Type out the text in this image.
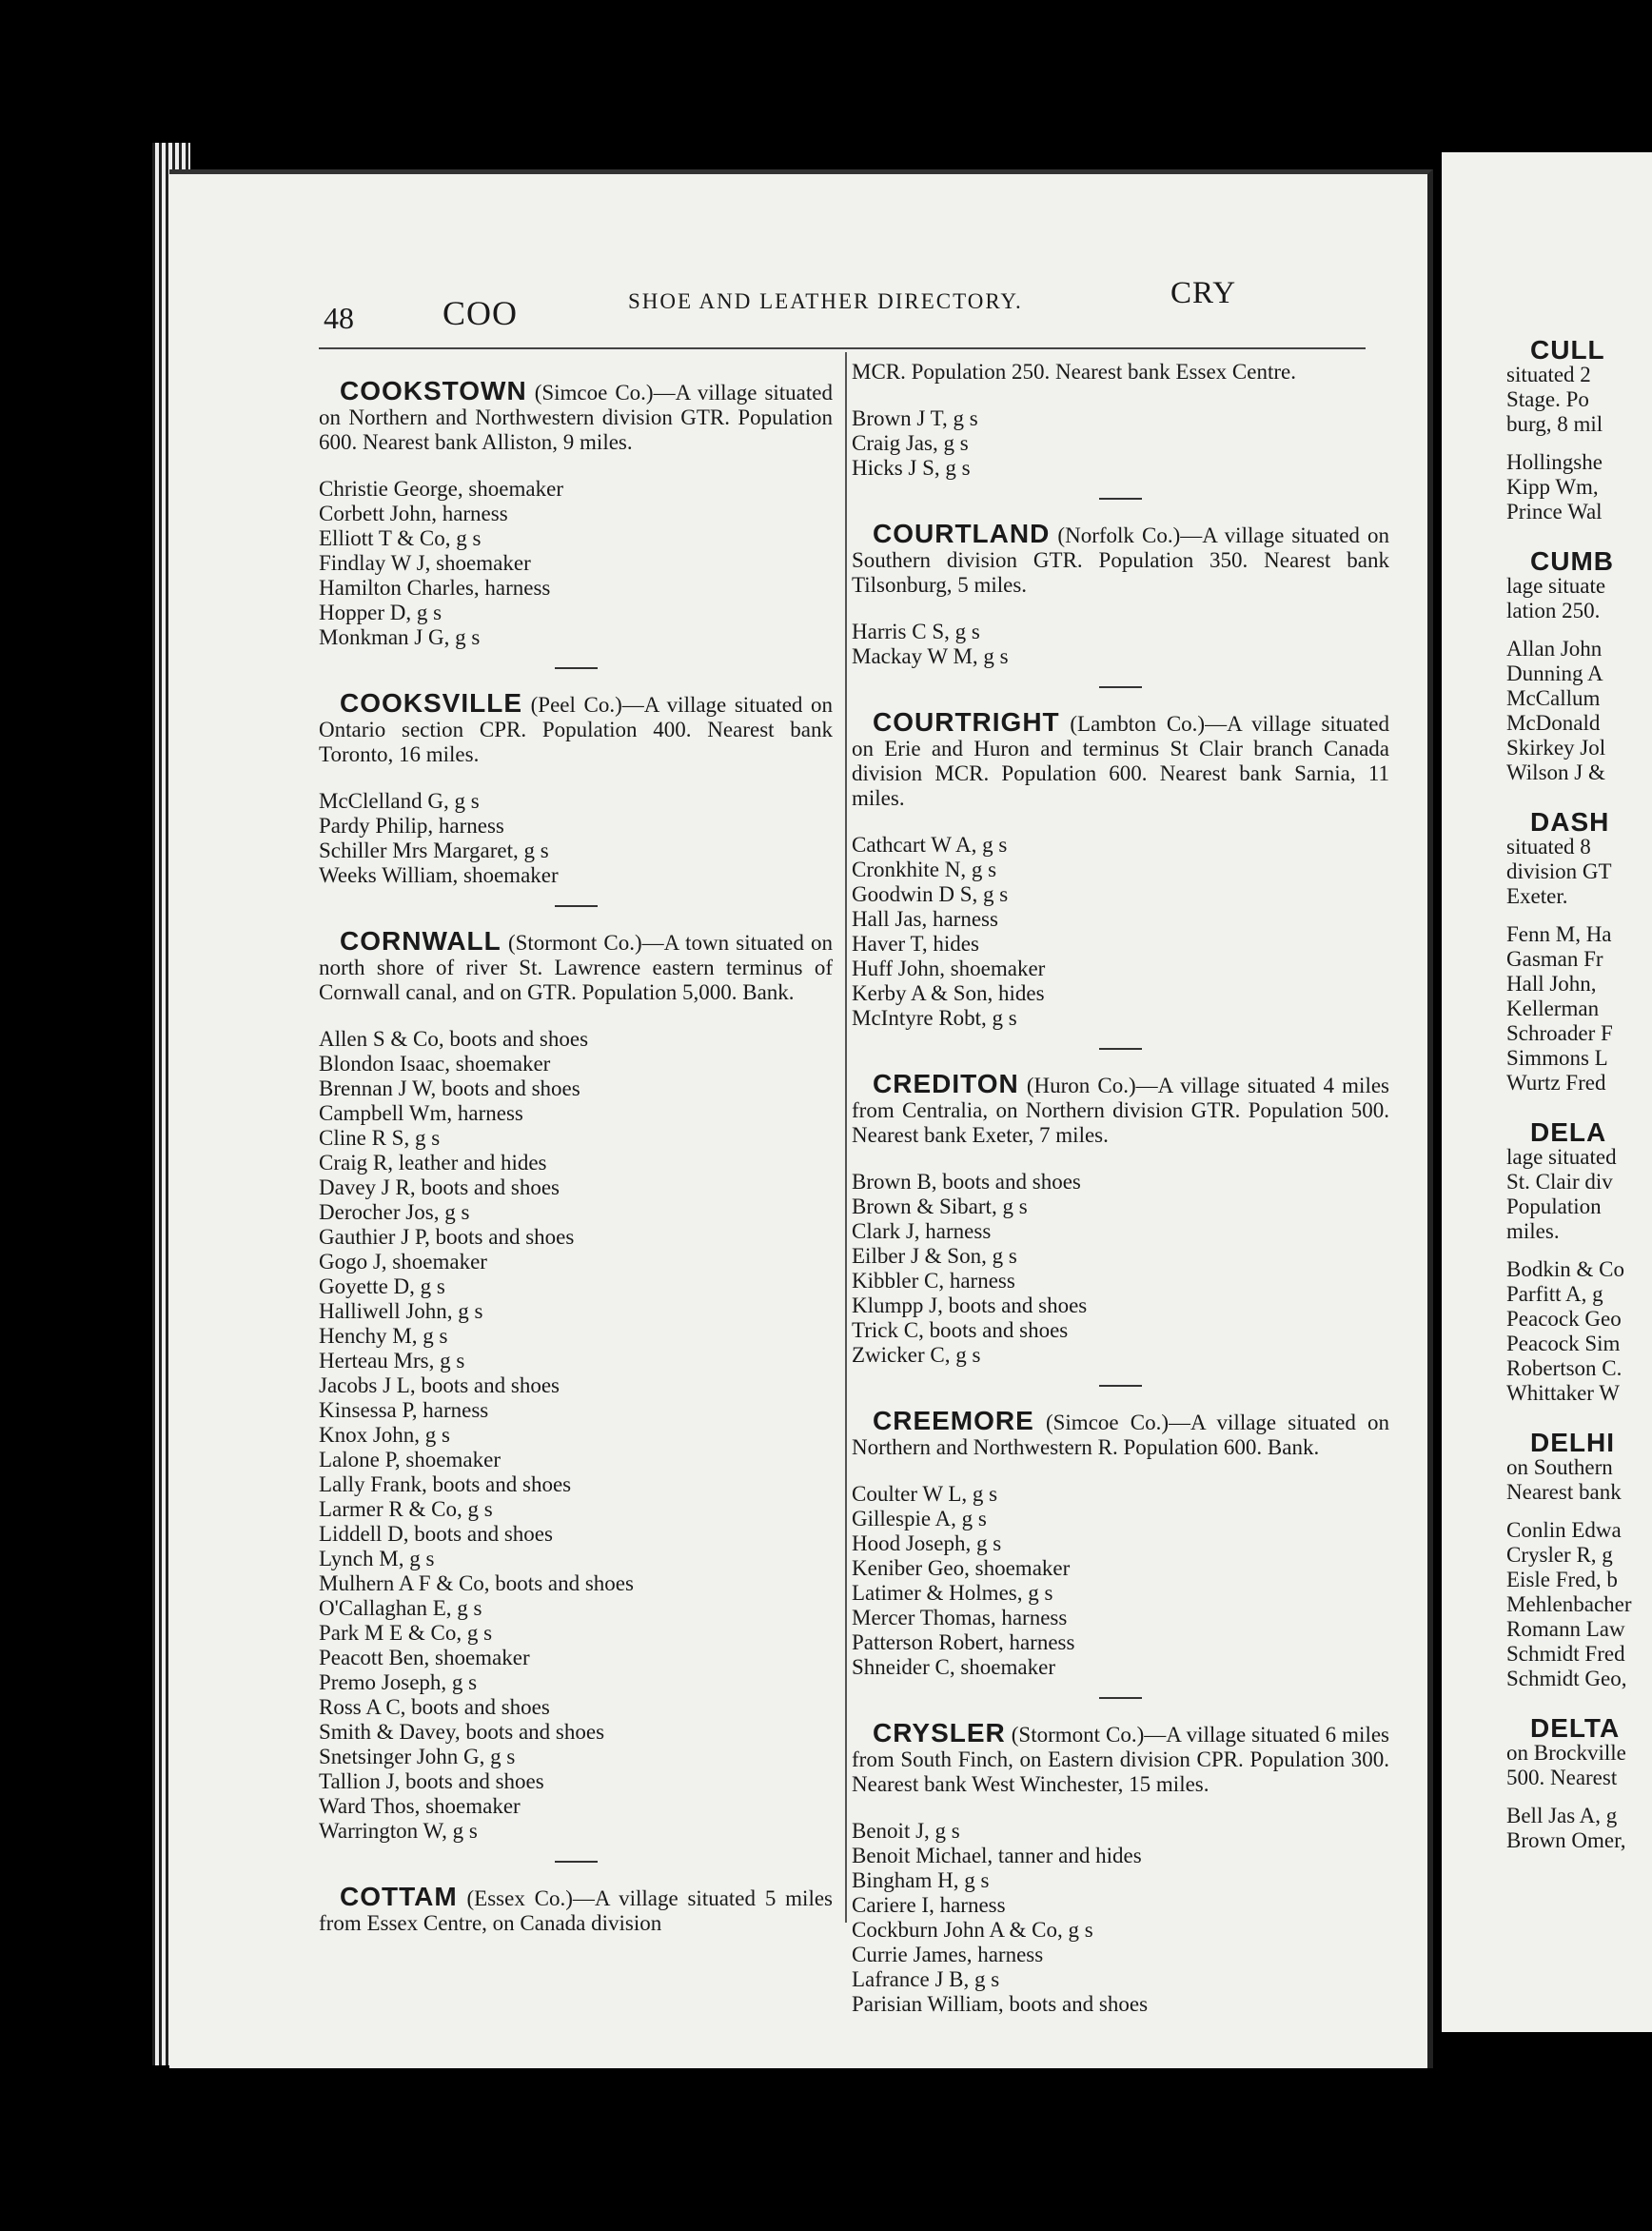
48	COO	SHOE AND LEATHER DIRECTORY.	CRY

COOKSTOWN (Simcoe Co.)—A village situated on Northern and Northwestern division GTR. Population 600. Nearest bank Alliston, 9 miles.

Christie George, shoemaker
Corbett John, harness
Elliott T & Co, g s
Findlay W J, shoemaker
Hamilton Charles, harness
Hopper D, g s
Monkman J G, g s

COOKSVILLE (Peel Co.)—A village situated on Ontario section CPR. Population 400. Nearest bank Toronto, 16 miles.

McClelland G, g s
Pardy Philip, harness
Schiller Mrs Margaret, g s
Weeks William, shoemaker

CORNWALL (Stormont Co.)—A town situated on north shore of river St. Lawrence eastern terminus of Cornwall canal, and on GTR. Population 5,000. Bank.

Allen S & Co, boots and shoes
Blondon Isaac, shoemaker
Brennan J W, boots and shoes
Campbell Wm, harness
Cline R S, g s
Craig R, leather and hides
Davey J R, boots and shoes
Derocher Jos, g s
Gauthier J P, boots and shoes
Gogo J, shoemaker
Goyette D, g s
Halliwell John, g s
Henchy M, g s
Herteau Mrs, g s
Jacobs J L, boots and shoes
Kinsessa P, harness
Knox John, g s
Lalone P, shoemaker
Lally Frank, boots and shoes
Larmer R & Co, g s
Liddell D, boots and shoes
Lynch M, g s
Mulhern A F & Co, boots and shoes
O'Callaghan E, g s
Park M E & Co, g s
Peacott Ben, shoemaker
Premo Joseph, g s
Ross A C, boots and shoes
Smith & Davey, boots and shoes
Snetsinger John G, g s
Tallion J, boots and shoes
Ward Thos, shoemaker
Warrington W, g s

COTTAM (Essex Co.)—A village situated 5 miles from Essex Centre, on Canada division

MCR. Population 250. Nearest bank Essex Centre.

Brown J T, g s
Craig Jas, g s
Hicks J S, g s

COURTLAND (Norfolk Co.)—A village situated on Southern division GTR. Population 350. Nearest bank Tilsonburg, 5 miles.

Harris C S, g s
Mackay W M, g s

COURTRIGHT (Lambton Co.)—A village situated on Erie and Huron and terminus St Clair branch Canada division MCR. Population 600. Nearest bank Sarnia, 11 miles.

Cathcart W A, g s
Cronkhite N, g s
Goodwin D S, g s
Hall Jas, harness
Haver T, hides
Huff John, shoemaker
Kerby A & Son, hides
McIntyre Robt, g s

CREDITON (Huron Co.)—A village situated 4 miles from Centralia, on Northern division GTR. Population 500. Nearest bank Exeter, 7 miles.

Brown B, boots and shoes
Brown & Sibart, g s
Clark J, harness
Eilber J & Son, g s
Kibbler C, harness
Klumpp J, boots and shoes
Trick C, boots and shoes
Zwicker C, g s

CREEMORE (Simcoe Co.)—A village situated on Northern and Northwestern R. Population 600. Bank.

Coulter W L, g s
Gillespie A, g s
Hood Joseph, g s
Keniber Geo, shoemaker
Latimer & Holmes, g s
Mercer Thomas, harness
Patterson Robert, harness
Shneider C, shoemaker

CRYSLER (Stormont Co.)—A village situated 6 miles from South Finch, on Eastern division CPR. Population 300. Nearest bank West Winchester, 15 miles.

Benoit J, g s
Benoit Michael, tanner and hides
Bingham H, g s
Cariere I, harness
Cockburn John A & Co, g s
Currie James, harness
Lafrance J B, g s
Parisian William, boots and shoes
CULL
situated 2
Stage. Po
burg, 8 mil
Hollingshe
Kipp Wm,
Prince Wal
CUMB
lage situate
lation 250.
Allan John
Dunning A
McCallum
McDonald
Skirkey Jol
Wilson J &
DASH
situated 8
division GT
Exeter.
Fenn M, Ha
Gasman Fr
Hall John,
Kellerman
Schroader F
Simmons L
Wurtz Fred
DELA
lage situated
St. Clair div
Population
miles.
Bodkin & Co
Parfitt A, g
Peacock Geo
Peacock Sim
Robertson C.
Whittaker W
DELHI
on Southern
Nearest bank
Conlin Edwa
Crysler R, g
Eisle Fred, b
Mehlenbacher
Romann Law
Schmidt Fred
Schmidt Geo,
DELTA
on Brockville
500. Nearest
Bell Jas A, g
Brown Omer,
